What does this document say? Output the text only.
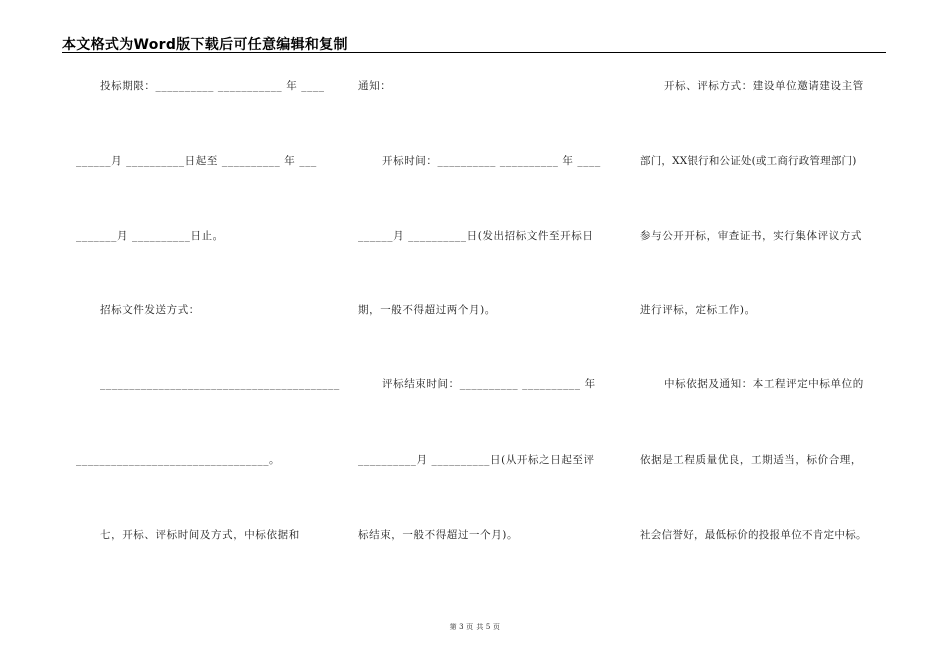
本文格式为Word版下载后可任意编辑和复制
投标期限：__________ ___________ 年 ____
______月 __________日起至 __________ 年 ___
_______月 __________日止。
招标文件发送方式：
_________________________________________
_________________________________。
七，开标、评标时间及方式，中标依据和
通知：
开标时间：__________ __________ 年 ____
______月 __________日(发出招标文件至开标日
期，一般不得超过两个月)。
评标结束时间：__________ __________ 年
__________月 __________日(从开标之日起至评
标结束，一般不得超过一个月)。
开标、评标方式：建设单位邀请建设主管
部门，XX银行和公证处(或工商行政管理部门)
参与公开开标，审查证书，实行集体评议方式
进行评标，定标工作)。
中标依据及通知：本工程评定中标单位的
依据是工程质量优良，工期适当，标价合理，
社会信誉好，最低标价的投报单位不肯定中标。
第 3 页 共 5 页
